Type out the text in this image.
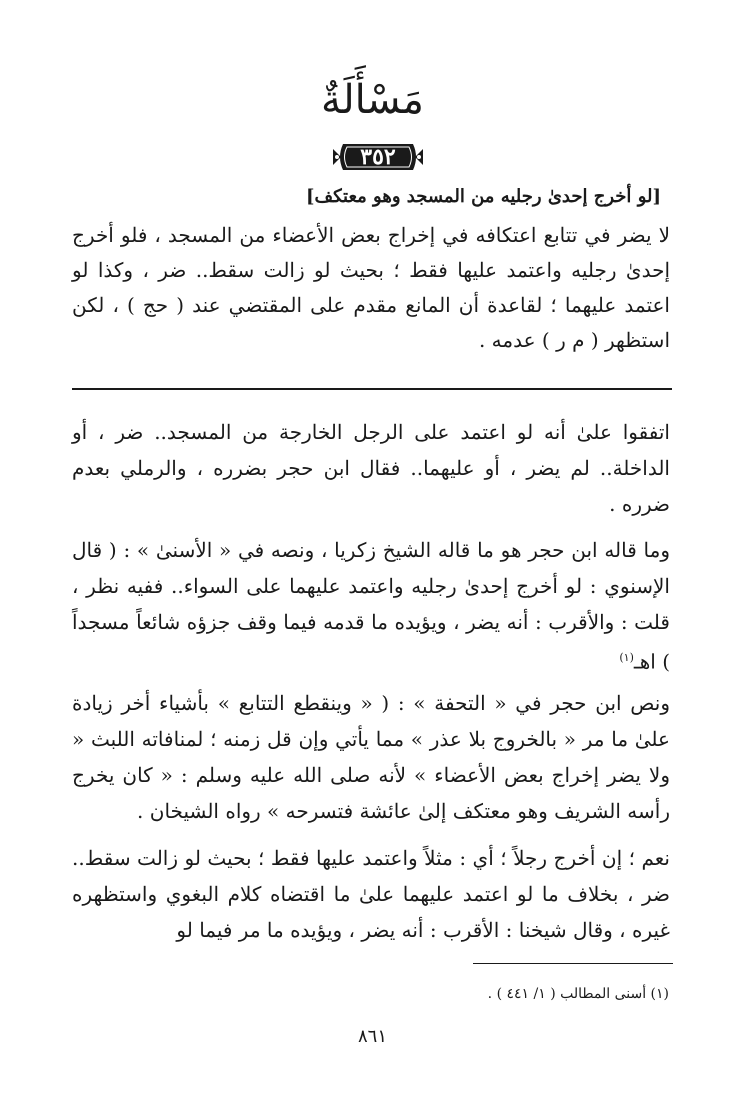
مَسْأَلَةٌ
٣٥٢
[لو أخرج إحدىٰ رجليه من المسجد وهو معتكف]

لا يضر في تتابع اعتكافه في إخراج بعض الأعضاء من المسجد ، فلو أخرج إحدىٰ رجليه واعتمد عليها فقط ؛ بحيث لو زالت سقط.. ضر ، وكذا لو اعتمد عليهما ؛ لقاعدة أن المانع مقدم على المقتضي عند ( حج ) ، لكن استظهر ( م ر ) عدمه .

اتفقوا علىٰ أنه لو اعتمد على الرجل الخارجة من المسجد.. ضر ، أو الداخلة.. لم يضر ، أو عليهما.. فقال ابن حجر بضرره ، والرملي بعدم ضرره .

وما قاله ابن حجر هو ما قاله الشيخ زكريا ، ونصه في « الأسنىٰ » : ( قال الإسنوي : لو أخرج إحدىٰ رجليه واعتمد عليهما على السواء.. ففيه نظر ، قلت : والأقرب : أنه يضر ، ويؤيده ما قدمه فيما وقف جزؤه شائعاً مسجداً ) اهـ$^{(١)}$

ونص ابن حجر في « التحفة » : ( « وينقطع التتابع » بأشياء أخر زيادة علىٰ ما مر « بالخروج بلا عذر » مما يأتي وإن قل زمنه ؛ لمنافاته اللبث « ولا يضر إخراج بعض الأعضاء » لأنه صلى الله عليه وسلم : « كان يخرج رأسه الشريف وهو معتكف إلىٰ عائشة فتسرحه » رواه الشيخان .

نعم ؛ إن أخرج رجلاً ؛ أي : مثلاً واعتمد عليها فقط ؛ بحيث لو زالت سقط.. ضر ، بخلاف ما لو اعتمد عليهما علىٰ ما اقتضاه كلام البغوي واستظهره غيره ، وقال شيخنا : الأقرب : أنه يضر ، ويؤيده ما مر فيما لو

(١) أسنى المطالب ( ١/ ٤٤١ ) .
٨٦١
